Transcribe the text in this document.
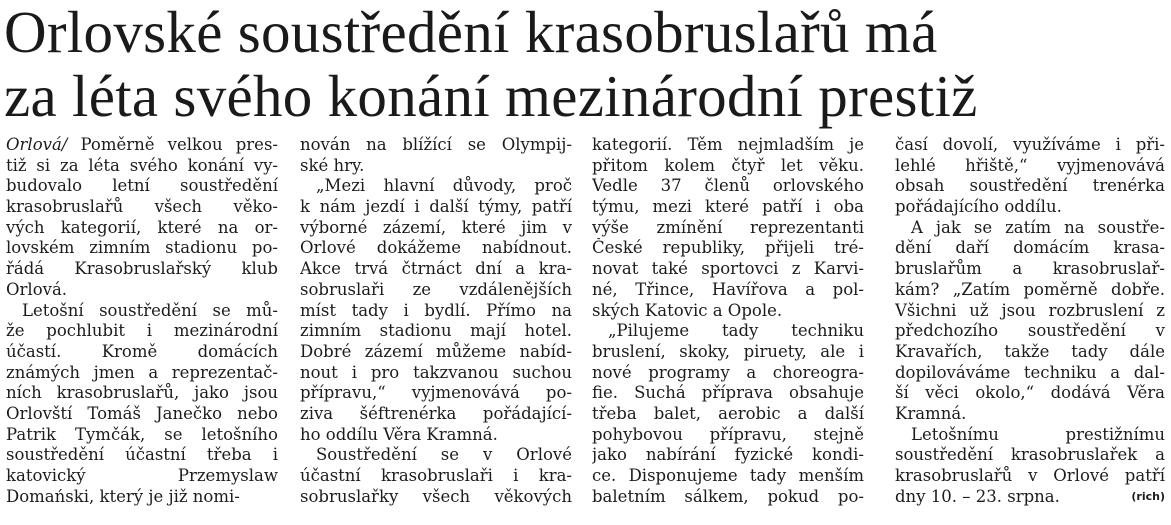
Orlovské soustředění krasobruslařů má
za léta svého konání mezinárodní prestiž
Orlová/ Poměrně velkou pres-
tiž si za léta svého konání vy-
budovalo letní soustředění
krasobruslařů všech věko-
vých kategorií, které na or-
lovském zimním stadionu po-
řádá Krasobruslařský klub
Orlová.
Letošní soustředění se mů-
že pochlubit i mezinárodní
účastí. Kromě domácích
známých jmen a reprezentač-
ních krasobruslařů, jako jsou
Orlovští Tomáš Janečko nebo
Patrik Tymčák, se letošního
soustředění účastní třeba i
katovický Przemyslaw
Domański, který je již nomi-
nován na blížící se Olympij-
ské hry.
„Mezi hlavní důvody, proč
k nám jezdí i další týmy, patří
výborné zázemí, které jim v
Orlové dokážeme nabídnout.
Akce trvá čtrnáct dní a kra-
sobruslaři ze vzdálenějších
míst tady i bydlí. Přímo na
zimním stadionu mají hotel.
Dobré zázemí můžeme nabíd-
nout i pro takzvanou suchou
přípravu,“ vyjmenovává po-
ziva šéftrenérka pořádající-
ho oddílu Věra Kramná.
Soustředění se v Orlové
účastní krasobruslaři i kra-
sobruslařky všech věkových
kategorií. Těm nejmladším je
přitom kolem čtyř let věku.
Vedle 37 členů orlovského
týmu, mezi které patří i oba
výše zmínění reprezentanti
České republiky, přijeli tré-
novat také sportovci z Karvi-
né, Třince, Havířova a pol-
ských Katovic a Opole.
„Pilujeme tady techniku
bruslení, skoky, piruety, ale i
nové programy a choreogra-
fie. Suchá příprava obsahuje
třeba balet, aerobic a další
pohybovou přípravu, stejně
jako nabírání fyzické kondi-
ce. Disponujeme tady menším
baletním sálkem, pokud po-
časí dovolí, využíváme i při-
lehlé hřiště,“ vyjmenovává
obsah soustředění trenérka
pořádajícího oddílu.
A jak se zatím na soustře-
dění daří domácím krasa-
bruslařům a krasobruslař-
kám? „Zatím poměrně dobře.
Všichni už jsou rozbruslení z
předchozího soustředění v
Kravařích, takže tady dále
dopilováváme techniku a dal-
ší věci okolo,“ dodává Věra
Kramná.
Letošnímu prestižnímu
soustředění krasobruslařek a
krasobruslařů v Orlové patří
dny 10. – 23. srpna.	(rich)
